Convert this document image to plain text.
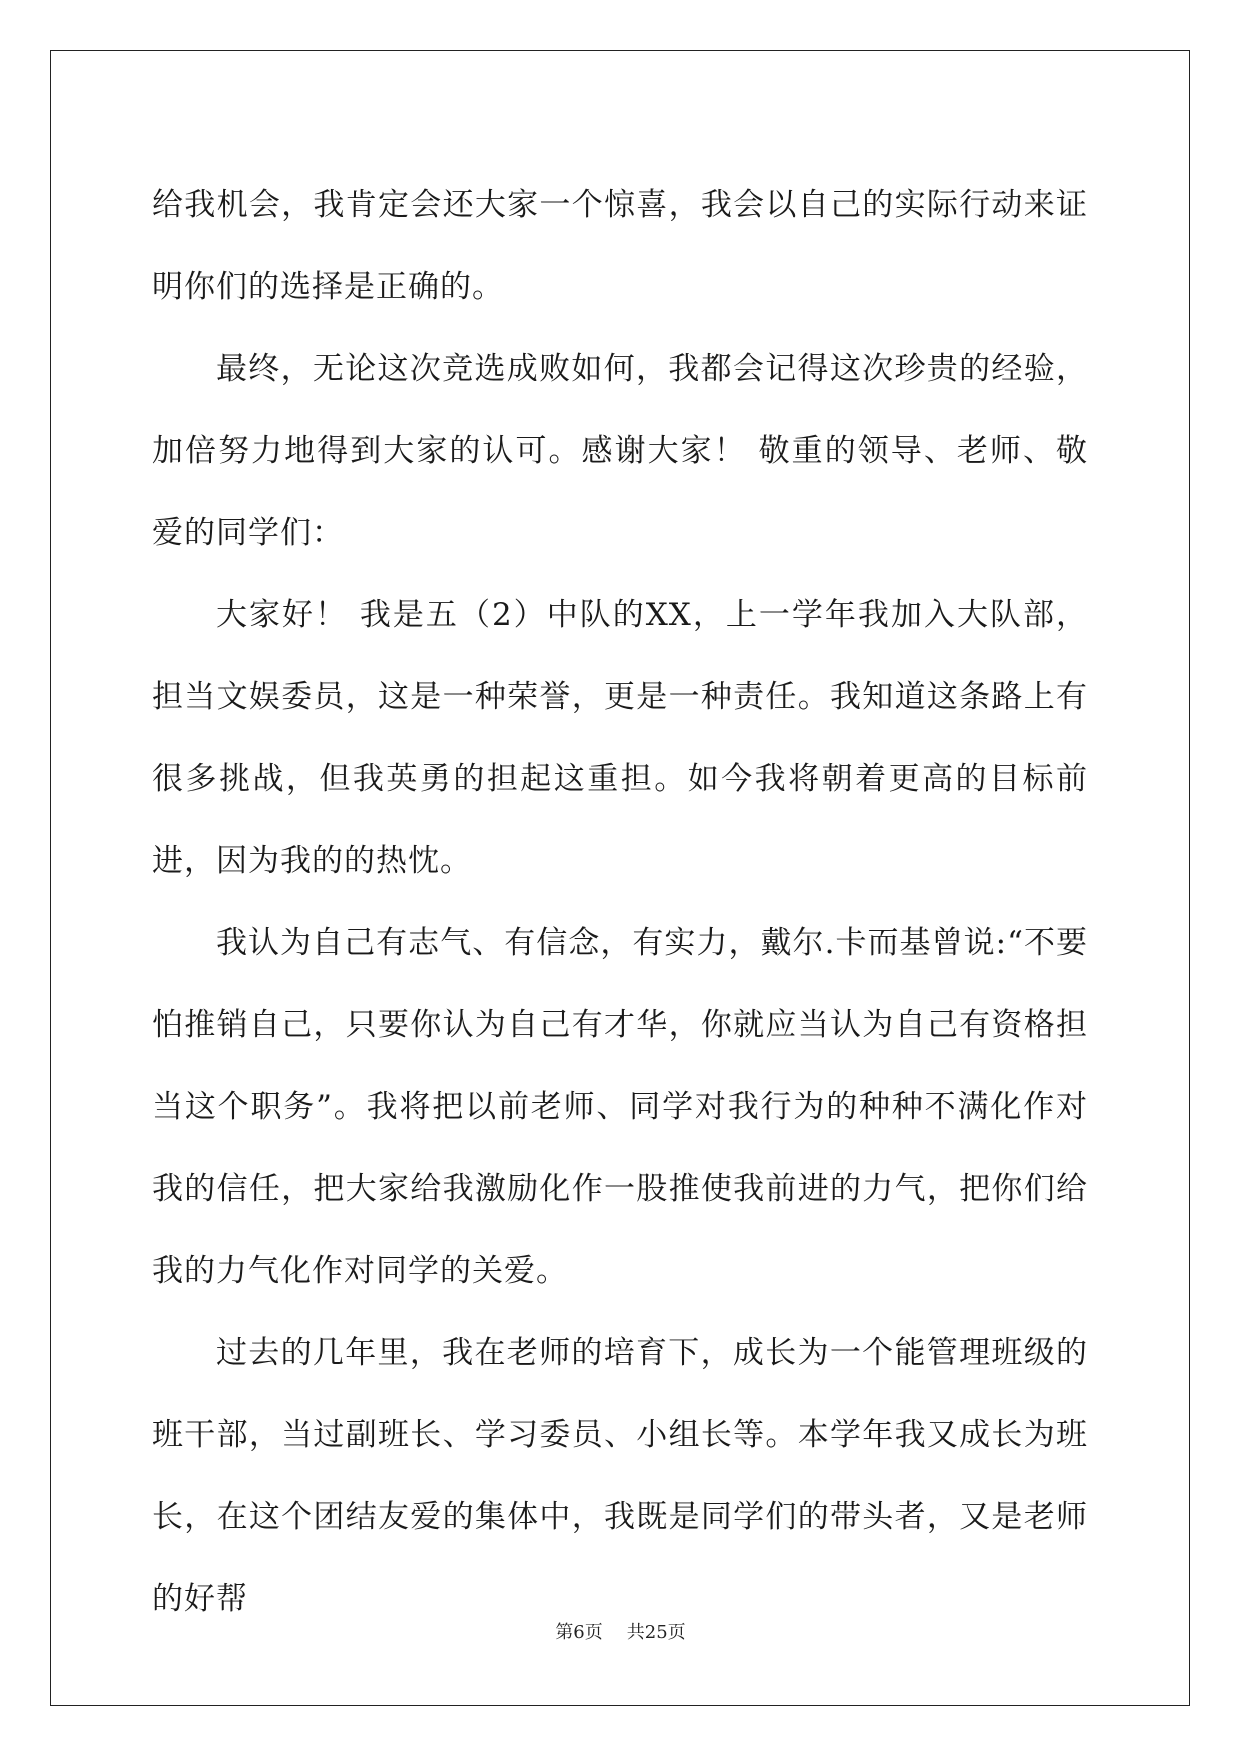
给我机会，我肯定会还大家一个惊喜，我会以自己的实际行动来证明你们的选择是正确的。

最终，无论这次竞选成败如何，我都会记得这次珍贵的经验，加倍努力地得到大家的认可。感谢大家！ 敬重的领导、老师、敬爱的同学们：

大家好！ 我是五（2）中队的XX，上一学年我加入大队部，担当文娱委员，这是一种荣誉，更是一种责任。我知道这条路上有很多挑战，但我英勇的担起这重担。如今我将朝着更高的目标前进，因为我的的热忱。

我认为自己有志气、有信念，有实力，戴尔.卡而基曾说:“不要怕推销自己，只要你认为自己有才华，你就应当认为自己有资格担当这个职务”。我将把以前老师、同学对我行为的种种不满化作对我的信任，把大家给我激励化作一股推使我前进的力气，把你们给我的力气化作对同学的关爱。

过去的几年里，我在老师的培育下，成长为一个能管理班级的班干部，当过副班长、学习委员、小组长等。本学年我又成长为班长，在这个团结友爱的集体中，我既是同学们的带头者，又是老师的好帮

第6页 共25页
